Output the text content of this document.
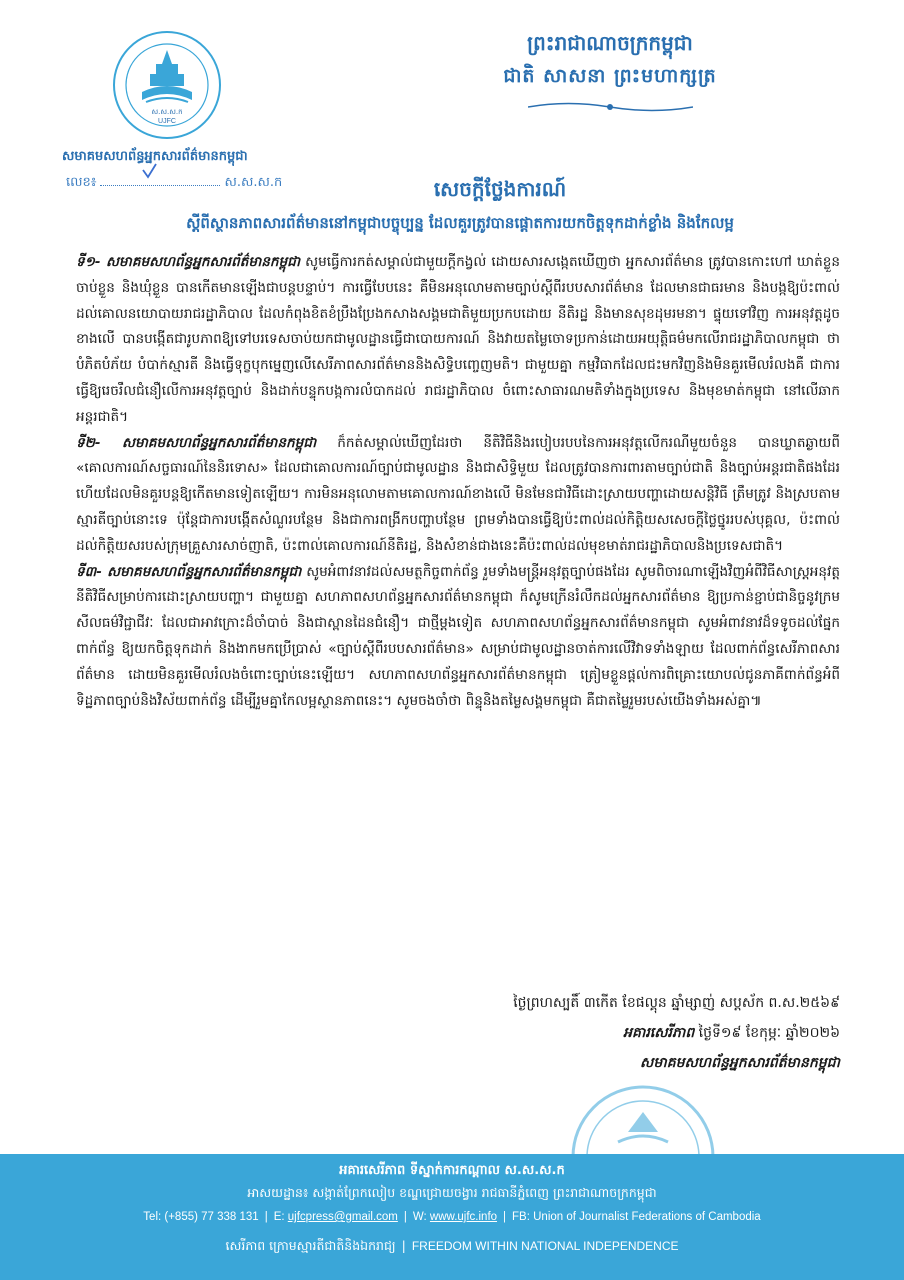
ស.ស.ស.ក
UJFC
សមាគមសហព័ន្ធអ្នកសារព័ត៌មានកម្ពុជា
លេខ៖	ស.ស.ស.ក
ព្រះរាជាណាចក្រកម្ពុជា
ជាតិ សាសនា ព្រះមហាក្សត្រ
សេចក្តីថ្លែងការណ៍
ស្តីពីស្ថានភាពសារព័ត៌មាននៅកម្ពុជាបច្ចុប្បន្ន ដែលគួរត្រូវបានផ្តោតការយកចិត្តទុកដាក់ខ្លាំង និងកែលម្អ

ទី១- សមាគមសហព័ន្ធអ្នកសារព័ត៌មានកម្ពុជា សូមធ្វើការកត់សម្គាល់ជាមួយក្តីកង្វល់ ដោយសារសង្កេតឃើញថា អ្នកសារព័ត៌មាន ត្រូវបានកោះហៅ ឃាត់ខ្លួន ចាប់ខ្លួន និងឃុំខ្លួន បានកើតមានឡើងជាបន្តបន្ទាប់។ ការធ្វើបែបនេះ គឺមិនអនុលោមតាមច្បាប់ស្តីពីរបបសារព័ត៌មាន ដែលមានជាធរមាន និងបង្កឱ្យប៉ះពាល់ដល់គោលនយោបាយរាជរដ្ឋាភិបាល ដែលកំពុងខិតខំប្រឹងប្រែងកសាងសង្គមជាតិមួយប្រកបដោយ នីតិរដ្ឋ និងមានសុខដុមរមនា។ ផ្ទុយទៅវិញ ការអនុវត្តដូចខាងលើ បានបង្កើតជារូបភាពឱ្យទៅបរទេសចាប់យកជាមូលដ្ឋានធ្វើជាបោយការណ៍ និងវាយតម្លៃចោទប្រកាន់ដោយអយុត្តិធម៌មកលើរាជរដ្ឋាភិបាលកម្ពុជា ថាបំភិតបំភ័យ បំបាក់ស្មារតី និងធ្វើទុក្ខបុកម្នេញលើសេរីភាពសារព័ត៌មាននិងសិទ្ធិបញ្ចេញមតិ។ ជាមួយគ្នា កម្មវិធាកដែលជះមកវិញនិងមិនគួរមើលរំលងគឺ ជាការធ្វើឱ្យរេចរឹលជំនឿលើការអនុវត្តច្បាប់ និងដាក់បន្ទុកបង្កការលំបាកដល់ រាជរដ្ឋាភិបាល ចំពោះសាធារណមតិទាំងក្នុងប្រទេស និងមុខមាត់កម្ពុជា នៅលើឆាកអន្តរជាតិ។

ទី២- សមាគមសហព័ន្ធអ្នកសារព័ត៌មានកម្ពុជា ក៏កត់សម្គាល់ឃើញដែរថា នីតិវិធីនិងរបៀបរបបនៃការអនុវត្តលើករណីមួយចំនួន បានឃ្លាតឆ្ងាយពី «គោលការណ៍សច្ចធារណ៍នៃនិរទោស» ដែលជាគោលការណ៍ច្បាប់ជាមូលដ្ឋាន និងជាសិទ្ធិមួយ ដែលត្រូវបានការពារតាមច្បាប់ជាតិ និងច្បាប់អន្តរជាតិផងដែរ ហើយដែលមិនគួរបន្តឱ្យកើតមានទៀតឡើយ។ ការមិនអនុលោមតាមគោលការណ៍ខាងលើ មិនមែនជាវិធីដោះស្រាយបញ្ហាដោយសន្តិវិធី ត្រឹមត្រូវ និងស្របតាមស្មារតីច្បាប់នោះទេ ប៉ុន្តែជាការបង្កើតសំណួរបន្ថែម និងជាការពង្រីកបញ្ហាបន្ថែម ព្រមទាំងបានធ្វើឱ្យប៉ះពាល់ដល់កិត្តិយសសេចក្តីថ្លៃថ្នូររបស់បុគ្គល, ប៉ះពាល់ដល់កិត្តិយសរបស់ក្រុមគ្រួសារសាច់ញាតិ, ប៉ះពាល់គោលការណ៍នីតិរដ្ឋ, និងសំខាន់ជាងនេះគឺប៉ះពាល់ដល់មុខមាត់រាជរដ្ឋាភិបាលនិងប្រទេសជាតិ។

ទី៣- សមាគមសហព័ន្ធអ្នកសារព័ត៌មានកម្ពុជា សូមអំពាវនាវដល់សមត្ថកិច្ចពាក់ព័ន្ធ រួមទាំងមន្ត្រីអនុវត្តច្បាប់ផងដែរ សូមពិចារណាឡើងវិញអំពីវិធីសាស្ត្រអនុវត្តនីតិវិធីសម្រាប់ការដោះស្រាយបញ្ហា។ ជាមួយគ្នា សហភាពសហព័ន្ធអ្នកសារព័ត៌មានកម្ពុជា ក៏សូមក្រើនរំលឹកដល់អ្នកសារព័ត៌មាន ឱ្យប្រកាន់ខ្ជាប់ជានិច្ចនូវក្រមសីលធម៌វិជ្ជាជីវៈ ដែលជាអាវក្រោះដ៏ចាំបាច់ និងជាស្ពានដៃនជំនឿ។ ជាថ្មីម្តងទៀត សហភាពសហព័ន្ធអ្នកសារព័ត៌មានកម្ពុជា សូមអំពាវនាវដ៏ទទូចដល់ផ្នែកពាក់ព័ន្ធ ឱ្យយកចិត្តទុកដាក់ និងងាកមកប្រើប្រាស់ «ច្បាប់ស្តីពីរបបសារព័ត៌មាន» សម្រាប់ជាមូលដ្ឋានចាត់ការលើវិវាទទាំងឡាយ ដែលពាក់ព័ន្ធសេរីភាពសារព័ត៌មាន ដោយមិនគួរមើលរំលងចំពោះច្បាប់នេះឡើយ។ សហភាពសហព័ន្ធអ្នកសារព័ត៌មានកម្ពុជា ត្រៀមខ្លួនផ្តល់ការពិគ្រោះយោបល់ជូនភាគីពាក់ព័ន្ធអំពីទិដ្ឋភាពច្បាប់និងវិស័យពាក់ព័ន្ធ ដើម្បីរួមគ្នាកែលម្អស្ថានភាពនេះ។ សូមចងចាំថា ពិន្ទុនិងតម្លៃសង្គមកម្ពុជា គឺជាតម្លៃរួមរបស់យើងទាំងអស់គ្នា៕

ថ្ងៃព្រហស្បតិ៍ ៣កើត ខែផល្គុន ឆ្នាំម្សាញ់ សប្តស័ក ព.ស.២៥៦៩
អគារសេរីភាព ថ្ងៃទី១៩ ខែកុម្ភៈ ឆ្នាំ២០២៦
សមាគមសហព័ន្ធអ្នកសារព័ត៌មានកម្ពុជា
អគារសេរីភាព ទីស្នាក់ការកណ្តាល ស.ស.ស.ក
អាសយដ្ឋាន៖ សង្កាត់ព្រែកលៀប ខណ្ឌជ្រោយចង្វារ រាជធានីភ្នំពេញ ព្រះរាជាណាចក្រកម្ពុជា
Tel: (+855) 77 338 131 | E: ujfcpress@gmail.com | W: www.ujfc.info | FB: Union of Journalist Federations of Cambodia
សេរីភាព ក្រោមស្មារតីជាតិនិងឯករាជ្យ | FREEDOM WITHIN NATIONAL INDEPENDENCE
